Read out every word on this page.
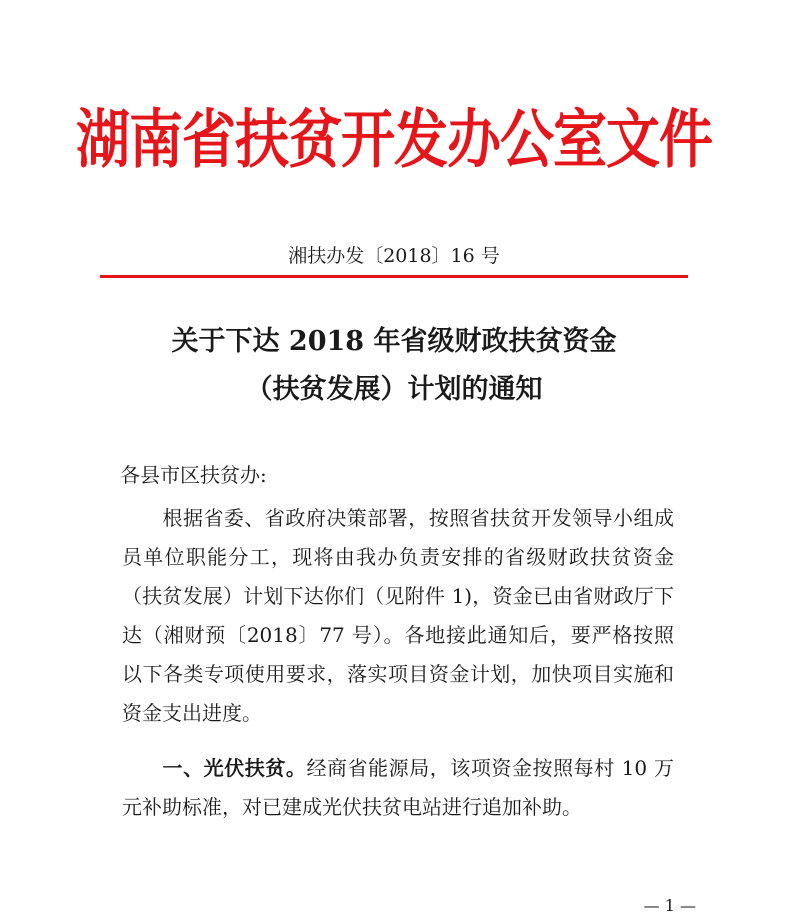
湖南省扶贫开发办公室文件
湘扶办发〔2018〕16 号
关于下达 2018 年省级财政扶贫资金
（扶贫发展）计划的通知
各县市区扶贫办:
根据省委、省政府决策部署，按照省扶贫开发领导小组成员单位职能分工，现将由我办负责安排的省级财政扶贫资金（扶贫发展）计划下达你们（见附件 1)，资金已由省财政厅下达（湘财预〔2018〕77 号）。各地接此通知后，要严格按照以下各类专项使用要求，落实项目资金计划，加快项目实施和资金支出进度。
一、光伏扶贫。经商省能源局，该项资金按照每村 10 万元补助标准，对已建成光伏扶贫电站进行追加补助。
— 1 —
